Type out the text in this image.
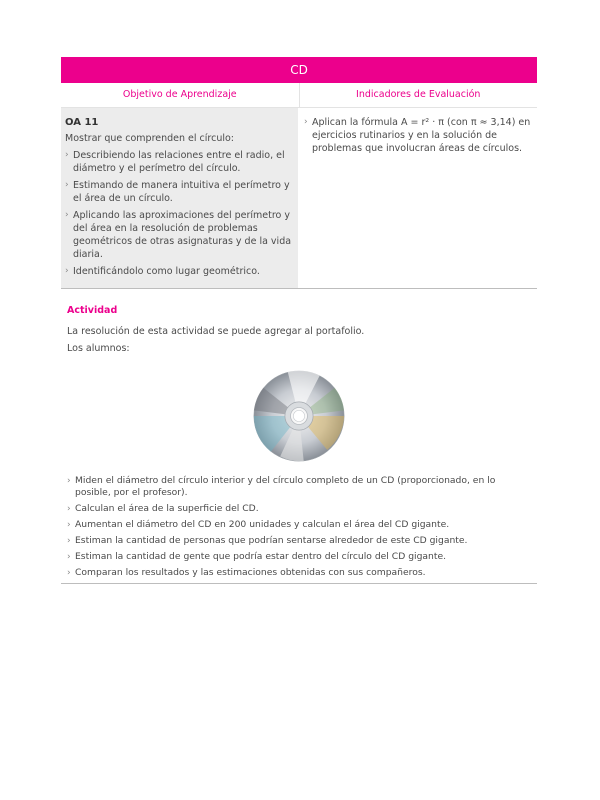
CD
Objetivo de Aprendizaje	Indicadores de Evaluación
OA 11
Mostrar que comprenden el círculo:
› Describiendo las relaciones entre el radio, el diámetro y el perímetro del círculo.
› Estimando de manera intuitiva el perímetro y el área de un círculo.
› Aplicando las aproximaciones del perímetro y del área en la resolución de problemas geométricos de otras asignaturas y de la vida diaria.
› Identificándolo como lugar geométrico.
› Aplican la fórmula A = r² · π (con π ≈ 3,14) en ejercicios rutinarios y en la solución de problemas que involucran áreas de círculos.
Actividad
La resolución de esta actividad se puede agregar al portafolio.
Los alumnos:
› Miden el diámetro del círculo interior y del círculo completo de un CD (proporcionado, en lo posible, por el profesor).
› Calculan el área de la superficie del CD.
› Aumentan el diámetro del CD en 200 unidades y calculan el área del CD gigante.
› Estiman la cantidad de personas que podrían sentarse alrededor de este CD gigante.
› Estiman la cantidad de gente que podría estar dentro del círculo del CD gigante.
› Comparan los resultados y las estimaciones obtenidas con sus compañeros.
